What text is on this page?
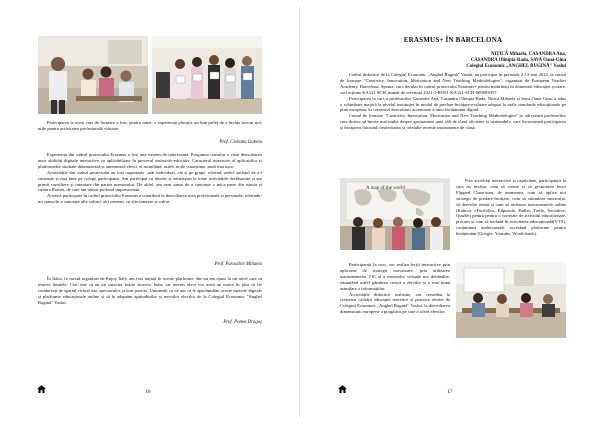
Participarea la acest curs de formare a fost, pentru mine, o experiență plăcută, un bun prilej de a învăța lucruri noi, utile pentru activitatea profesională viitoare.

Prof. Ciobanu Izabela

Experiența din cadrul proiectului Erasmus a fost una extrem de interesantă. Programa cursului a vizat dezvoltarea unor abilități digitale interactive cu aplicabilitate în procesul instructiv-educativ. Caracterul interactiv al aplicațiilor și platformelor studiate dinamizează și antrenează elevii, ei asimilând, astfel, noile cunoștințe, mult mai ușor.

Activitățile din cadrul proiectului au fost organizate „atât individual, cât și pe grupe, oferind, astfel, prilejul de a-i cunoaște și mai bine pe colegii participanți. Am participat cu interes și entuziasm la toate activitățile desfășurate și am primit consiliere și orientare din partea mentorului. De altfel, am avut șansa de a cunoaște o mica parte din istoria și cultura Romei, de care am rămas profund impresionată.

Această participare în cadrul proiectului Erasmus a contribuit la dezvoltarea mea profesională și personală, oferindu-mi șansa de a cunoaște alte culturi, alți oameni, cu alte interese și valori.

Prof. Paraschiv Mihaela

În Italia, la cursul organizat de Enjoy Italy, am fost inițiați în aceste platforme, dar nu am ajuns la un nivel care să testeze limitele. Cert este că au un caracter foarte atractiv, luate, iar interes elevi vor avea un motiv în plus să fie conductați de spațiul virtual dar, spectaculos și mai pozitiv. Uniunealt ca ne aut că le aprofundăm aceste metode digitale și platforme educaționale online și să le adaptăm aptitudinilor și nevoilor elevilor de la Colegiul Economic "Anghel Rugină" Vaslui.

Prof. Ponea Dragoș
16
ERASMUS+ ÎN BARCELONA
NIȚICĂ Mihaela, CASANDRA Ana,
CASANDRA Olimpia-Rada, SAVA Oana-Gina
Colegiul Economic „ANGHEL RUGINĂ" Vaslui

Cadrul didactice de la Colegiul Economic „Anghel Rugină" Vaslui, au participat în perioada 2-13 mai 2022, la cursul de formare "Creativity, Innovation, Motivation and New Teaching Methodologies", organizat de European Teacher Academy, Barcelona, Spania, curs derulat în cadrul proiectului Erasmus+ pentru mobilități în domeniul educației școlare, cod acțiune KA121 SCH, număr de referință 2021-1-RO01-KA121-SCH-000005057.

Participarea la curs a profesorilor Casandra Ana, Casandra Olimpia-Rada, Niticá Mihaela și Sava Oana-Gina, a adus o schimbare majoră la nivelul instituției în modul de predare-învățare-evaluare adaptat la noile standarde educaționale pe plan european, în contextul dezvoltării accentuate a unui învățământ digital.

Cursul de formare "Creativity, Innovation, Motivation and New Teaching Methodologies" se adresează profesorilor care doresc să învețe mai multe despre gestionarea unei săli de clasă eficiente și sustenabile, care încurajează participarea și învățarea folosind creativitatea și celelalte recente instrumente de clasă.

A map of the world

Prin activități interactive și captivante, participanții la curs au învățat, cum să creeze și să gestioneze lecții Flipped Classroom, de asemenea, cum să aplice noi strategii de predare-învățare, cum să stimuleze motivația, să dezvolte relații și cum să utilizeze instrumentele online (Kahoot, ePortfolios, Edpuzzle, Padlet, Trello, Socrative, Quizlet) pentru pentru o varietate de activități educaționale, precum și cum să includă în activitatea educațională(VTS), conținuturi audiovizuale accesând platforme pentru învățământ (Google, Youtube, Wordclouds).

Participanții la curs, vor realiza lecții interactive prin aplicarea de strategii inovatoare, prin utilizarea instrumentelor TIC și a resurselor virtuale noi dobândite, stimulând astfel gândirea critică a elevilor și o mai bună asimilare a informațiilor.

Activitățile didactice realizate, vor contribui la creșterea calității educației teoretice și practice oferite de Colegiul Economic „Anghel Rugină" Vaslui, la dezvoltarea dimensiunii europene a progătirii pe care o oferă elevilor.

17
